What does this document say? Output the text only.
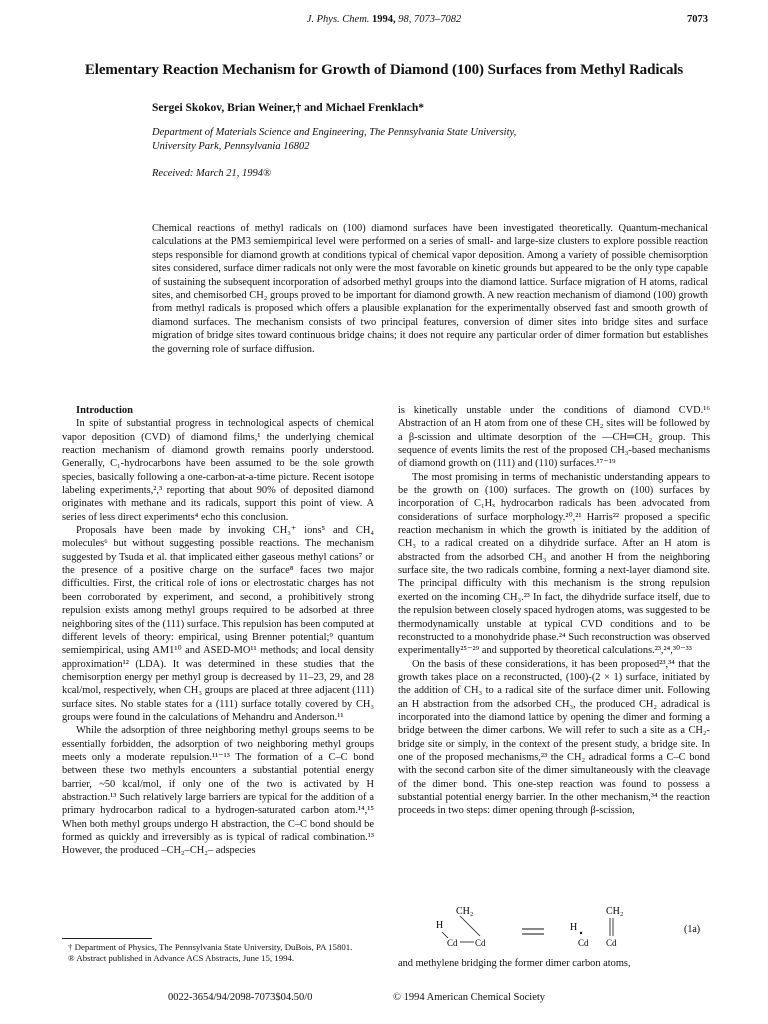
J. Phys. Chem. 1994, 98, 7073–7082	7073
Elementary Reaction Mechanism for Growth of Diamond (100) Surfaces from Methyl Radicals
Sergei Skokov, Brian Weiner,† and Michael Frenklach*
Department of Materials Science and Engineering, The Pennsylvania State University,
University Park, Pennsylvania 16802
Received: March 21, 1994®
Chemical reactions of methyl radicals on (100) diamond surfaces have been investigated theoretically. Quantum-mechanical calculations at the PM3 semiempirical level were performed on a series of small- and large-size clusters to explore possible reaction steps responsible for diamond growth at conditions typical of chemical vapor deposition. Among a variety of possible chemisorption sites considered, surface dimer radicals not only were the most favorable on kinetic grounds but appeared to be the only type capable of sustaining the subsequent incorporation of adsorbed methyl groups into the diamond lattice. Surface migration of H atoms, radical sites, and chemisorbed CH₂ groups proved to be important for diamond growth. A new reaction mechanism of diamond (100) growth from methyl radicals is proposed which offers a plausible explanation for the experimentally observed fast and smooth growth of diamond surfaces. The mechanism consists of two principal features, conversion of dimer sites into bridge sites and surface migration of bridge sites toward continuous bridge chains; it does not require any particular order of dimer formation but establishes the governing role of surface diffusion.

Introduction

In spite of substantial progress in technological aspects of chemical vapor deposition (CVD) of diamond films,¹ the underlying chemical reaction mechanism of diamond growth remains poorly understood. Generally, C₁-hydrocarbons have been assumed to be the sole growth species, basically following a one-carbon-at-a-time picture. Recent isotope labeling experiments,²,³ reporting that about 90% of deposited diamond originates with methane and its radicals, support this point of view. A series of less direct experiments⁴ echo this conclusion.

Proposals have been made by invoking CH₃⁺ ions⁵ and CH₄ molecules⁶ but without suggesting possible reactions. The mechanism suggested by Tsuda et al. that implicated either gaseous methyl cations⁷ or the presence of a positive charge on the surface⁸ faces two major difficulties. First, the critical role of ions or electrostatic charges has not been corroborated by experiment, and second, a prohibitively strong repulsion exists among methyl groups required to be adsorbed at three neighboring sites of the (111) surface. This repulsion has been computed at different levels of theory: empirical, using Brenner potential;⁹ quantum semiempirical, using AM1¹⁰ and ASED-MO¹¹ methods; and local density approximation¹² (LDA). It was determined in these studies that the chemisorption energy per methyl group is decreased by 11–23, 29, and 28 kcal/mol, respectively, when CH₃ groups are placed at three adjacent (111) surface sites. No stable states for a (111) surface totally covered by CH₃ groups were found in the calculations of Mehandru and Anderson.¹¹

While the adsorption of three neighboring methyl groups seems to be essentially forbidden, the adsorption of two neighboring methyl groups meets only a moderate repulsion.¹¹⁻¹³ The formation of a C–C bond between these two methyls encounters a substantial potential energy barrier, ~50 kcal/mol, if only one of the two is activated by H abstraction.¹³ Such relatively large barriers are typical for the addition of a primary hydrocarbon radical to a hydrogen-saturated carbon atom.¹⁴,¹⁵ When both methyl groups undergo H abstraction, the C–C bond should be formed as quickly and irreversibly as is typical of radical combination.¹³ However, the produced –CH₂–CH₂– adspecies

is kinetically unstable under the conditions of diamond CVD.¹⁶ Abstraction of an H atom from one of these CH₂ sites will be followed by a β-scission and ultimate desorption of the —CH═CH₂ group. This sequence of events limits the rest of the proposed CH₃-based mechanisms of diamond growth on (111) and (110) surfaces.¹⁷⁻¹⁹

The most promising in terms of mechanistic understanding appears to be the growth on (100) surfaces. The growth on (100) surfaces by incorporation of C₁Hₓ hydrocarbon radicals has been advocated from considerations of surface morphology.²⁰,²¹ Harris²² proposed a specific reaction mechanism in which the growth is initiated by the addition of CH₃ to a radical created on a dihydride surface. After an H atom is abstracted from the adsorbed CH₃ and another H from the neighboring surface site, the two radicals combine, forming a next-layer diamond site. The principal difficulty with this mechanism is the strong repulsion exerted on the incoming CH₃.²³ In fact, the dihydride surface itself, due to the repulsion between closely spaced hydrogen atoms, was suggested to be thermodynamically unstable at typical CVD conditions and to be reconstructed to a monohydride phase.²⁴ Such reconstruction was observed experimentally²⁵⁻²⁹ and supported by theoretical calculations.²³,²⁴,³⁰⁻³³

On the basis of these considerations, it has been proposed²³,³⁴ that the growth takes place on a reconstructed, (100)-(2 × 1) surface, initiated by the addition of CH₃ to a radical site of the surface dimer unit. Following an H abstraction from the adsorbed CH₃, the produced CH₂ adradical is incorporated into the diamond lattice by opening the dimer and forming a bridge between the dimer carbons. We will refer to such a site as a CH₂-bridge site or simply, in the context of the present study, a bridge site. In one of the proposed mechanisms,²³ the CH₂ adradical forms a C–C bond with the second carbon site of the dimer simultaneously with the cleavage of the dimer bond. This one-step reaction was found to possess a substantial potential energy barrier. In the other mechanism,³⁴ the reaction proceeds in two steps: dimer opening through β-scission,

CH₂
H
Cd Cd
H
Cd
CH₂
Cd
(1a)
and methylene bridging the former dimer carbon atoms,
† Department of Physics, The Pennsylvania State University, DuBois, PA 15801.
® Abstract published in Advance ACS Abstracts, June 15, 1994.
0022-3654/94/2098-7073$04.50/0	© 1994 American Chemical Society
